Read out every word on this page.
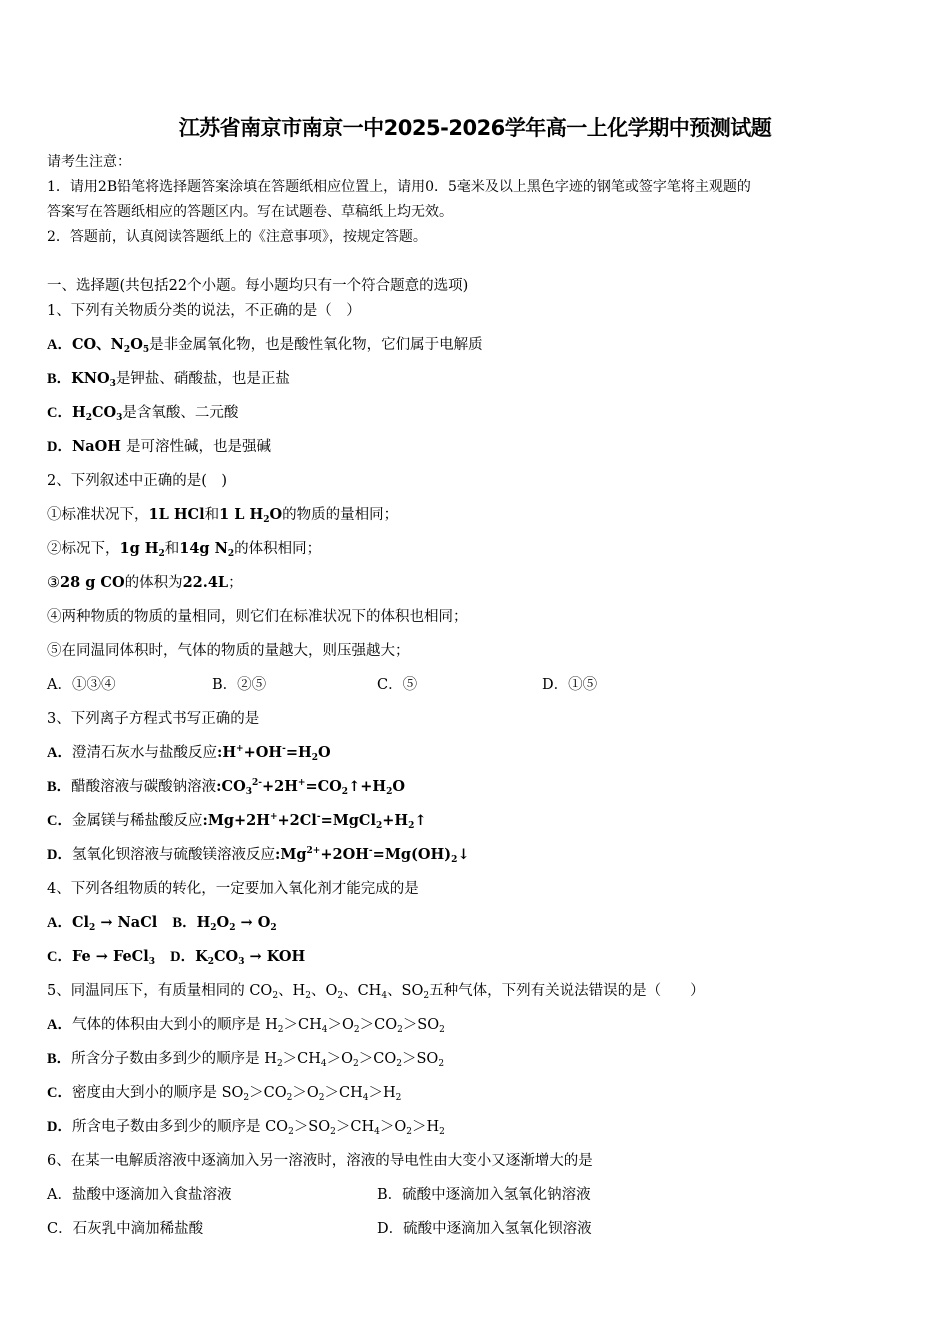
江苏省南京市南京一中2025-2026学年高一上化学期中预测试题
请考生注意：
1．请用2B铅笔将选择题答案涂填在答题纸相应位置上，请用0．5毫米及以上黑色字迹的钢笔或签字笔将主观题的
答案写在答题纸相应的答题区内。写在试题卷、草稿纸上均无效。
2．答题前，认真阅读答题纸上的《注意事项》，按规定答题。
一、选择题(共包括22个小题。每小题均只有一个符合题意的选项)
1、下列有关物质分类的说法，不正确的是（　）
A．CO、$N_2O_5$是非金属氧化物，也是酸性氧化物，它们属于电解质
B．$KNO_3$是钾盐、硝酸盐，也是正盐
C．$H_2CO_3$是含氧酸、二元酸
D．NaOH 是可溶性碱，也是强碱
2、下列叙述中正确的是(　)
①标准状况下，1L HCl和1 L $H_2O$的物质的量相同；
②标况下，1g $H_2$和14g $N_2$的体积相同；
③28 g CO的体积为22.4L；
④两种物质的物质的量相同，则它们在标准状况下的体积也相同；
⑤在同温同体积时，气体的物质的量越大，则压强越大；
A．①③④	B．②⑤	C．⑤	D．①⑤
3、下列离子方程式书写正确的是
A．澄清石灰水与盐酸反应$:H^++OH^-=H_2O$
B．醋酸溶液与碳酸钠溶液$:CO_3^{2-}+2H^+=CO_2↑+H_2O$
C．金属镁与稀盐酸反应$:Mg+2H^++2Cl^-=MgCl_2+H_2↑$
D．氢氧化钡溶液与硫酸镁溶液反应$:Mg^{2+}+2OH^-=Mg(OH)_2↓$
4、下列各组物质的转化，一定要加入氧化剂才能完成的是
A．$Cl_2$ → NaCl   B．$H_2O_2 \to O_2$
C．Fe → FeCl$_3$ D．$K_2CO_3$ → KOH
5、同温同压下，有质量相同的 $CO_2$、$H_2$、$O_2$、$CH_4$、$SO_2$五种气体，下列有关说法错误的是（　　）
A．气体的体积由大到小的顺序是 $H_2>CH_4>O_2>CO_2>SO_2$
B．所含分子数由多到少的顺序是 $H_2>CH_4>O_2>CO_2>SO_2$
C．密度由大到小的顺序是 $SO_2>CO_2>O_2>CH_4>H_2$
D．所含电子数由多到少的顺序是 $CO_2>SO_2>CH_4>O_2>H_2$
6、在某一电解质溶液中逐滴加入另一溶液时，溶液的导电性由大变小又逐渐增大的是
A．盐酸中逐滴加入食盐溶液	B．硫酸中逐滴加入氢氧化钠溶液
C．石灰乳中滴加稀盐酸	D．硫酸中逐滴加入氢氧化钡溶液
